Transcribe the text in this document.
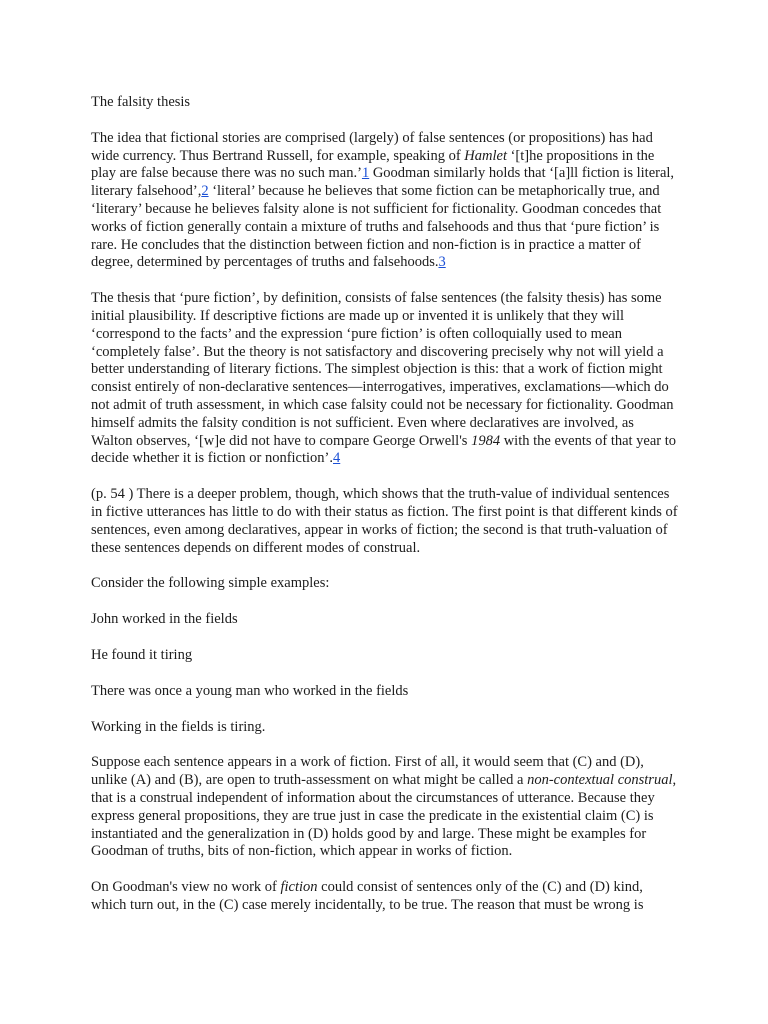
The falsity thesis

The idea that fictional stories are comprised (largely) of false sentences (or propositions) has had wide currency. Thus Bertrand Russell, for example, speaking of Hamlet ‘[t]he propositions in the play are false because there was no such man.’1 Goodman similarly holds that ‘[a]ll fiction is literal, literary falsehood’,2 ‘literal’ because he believes that some fiction can be metaphorically true, and ‘literary’ because he believes falsity alone is not sufficient for fictionality. Goodman concedes that works of fiction generally contain a mixture of truths and falsehoods and thus that ‘pure fiction’ is rare. He concludes that the distinction between fiction and non-fiction is in practice a matter of degree, determined by percentages of truths and falsehoods.3

The thesis that ‘pure fiction’, by definition, consists of false sentences (the falsity thesis) has some initial plausibility. If descriptive fictions are made up or invented it is unlikely that they will ‘correspond to the facts’ and the expression ‘pure fiction’ is often colloquially used to mean ‘completely false’. But the theory is not satisfactory and discovering precisely why not will yield a better understanding of literary fictions. The simplest objection is this: that a work of fiction might consist entirely of non-declarative sentences—interrogatives, imperatives, exclamations—which do not admit of truth assessment, in which case falsity could not be necessary for fictionality. Goodman himself admits the falsity condition is not sufficient. Even where declaratives are involved, as Walton observes, ‘[w]e did not have to compare George Orwell's 1984 with the events of that year to decide whether it is fiction or nonfiction’.4

(p. 54 ) There is a deeper problem, though, which shows that the truth-value of individual sentences in fictive utterances has little to do with their status as fiction. The first point is that different kinds of sentences, even among declaratives, appear in works of fiction; the second is that truth-valuation of these sentences depends on different modes of construal.

Consider the following simple examples:

John worked in the fields

He found it tiring

There was once a young man who worked in the fields

Working in the fields is tiring.

Suppose each sentence appears in a work of fiction. First of all, it would seem that (C) and (D), unlike (A) and (B), are open to truth-assessment on what might be called a non-contextual construal, that is a construal independent of information about the circumstances of utterance. Because they express general propositions, they are true just in case the predicate in the existential claim (C) is instantiated and the generalization in (D) holds good by and large. These might be examples for Goodman of truths, bits of non-fiction, which appear in works of fiction.

On Goodman's view no work of fiction could consist of sentences only of the (C) and (D) kind, which turn out, in the (C) case merely incidentally, to be true. The reason that must be wrong is
